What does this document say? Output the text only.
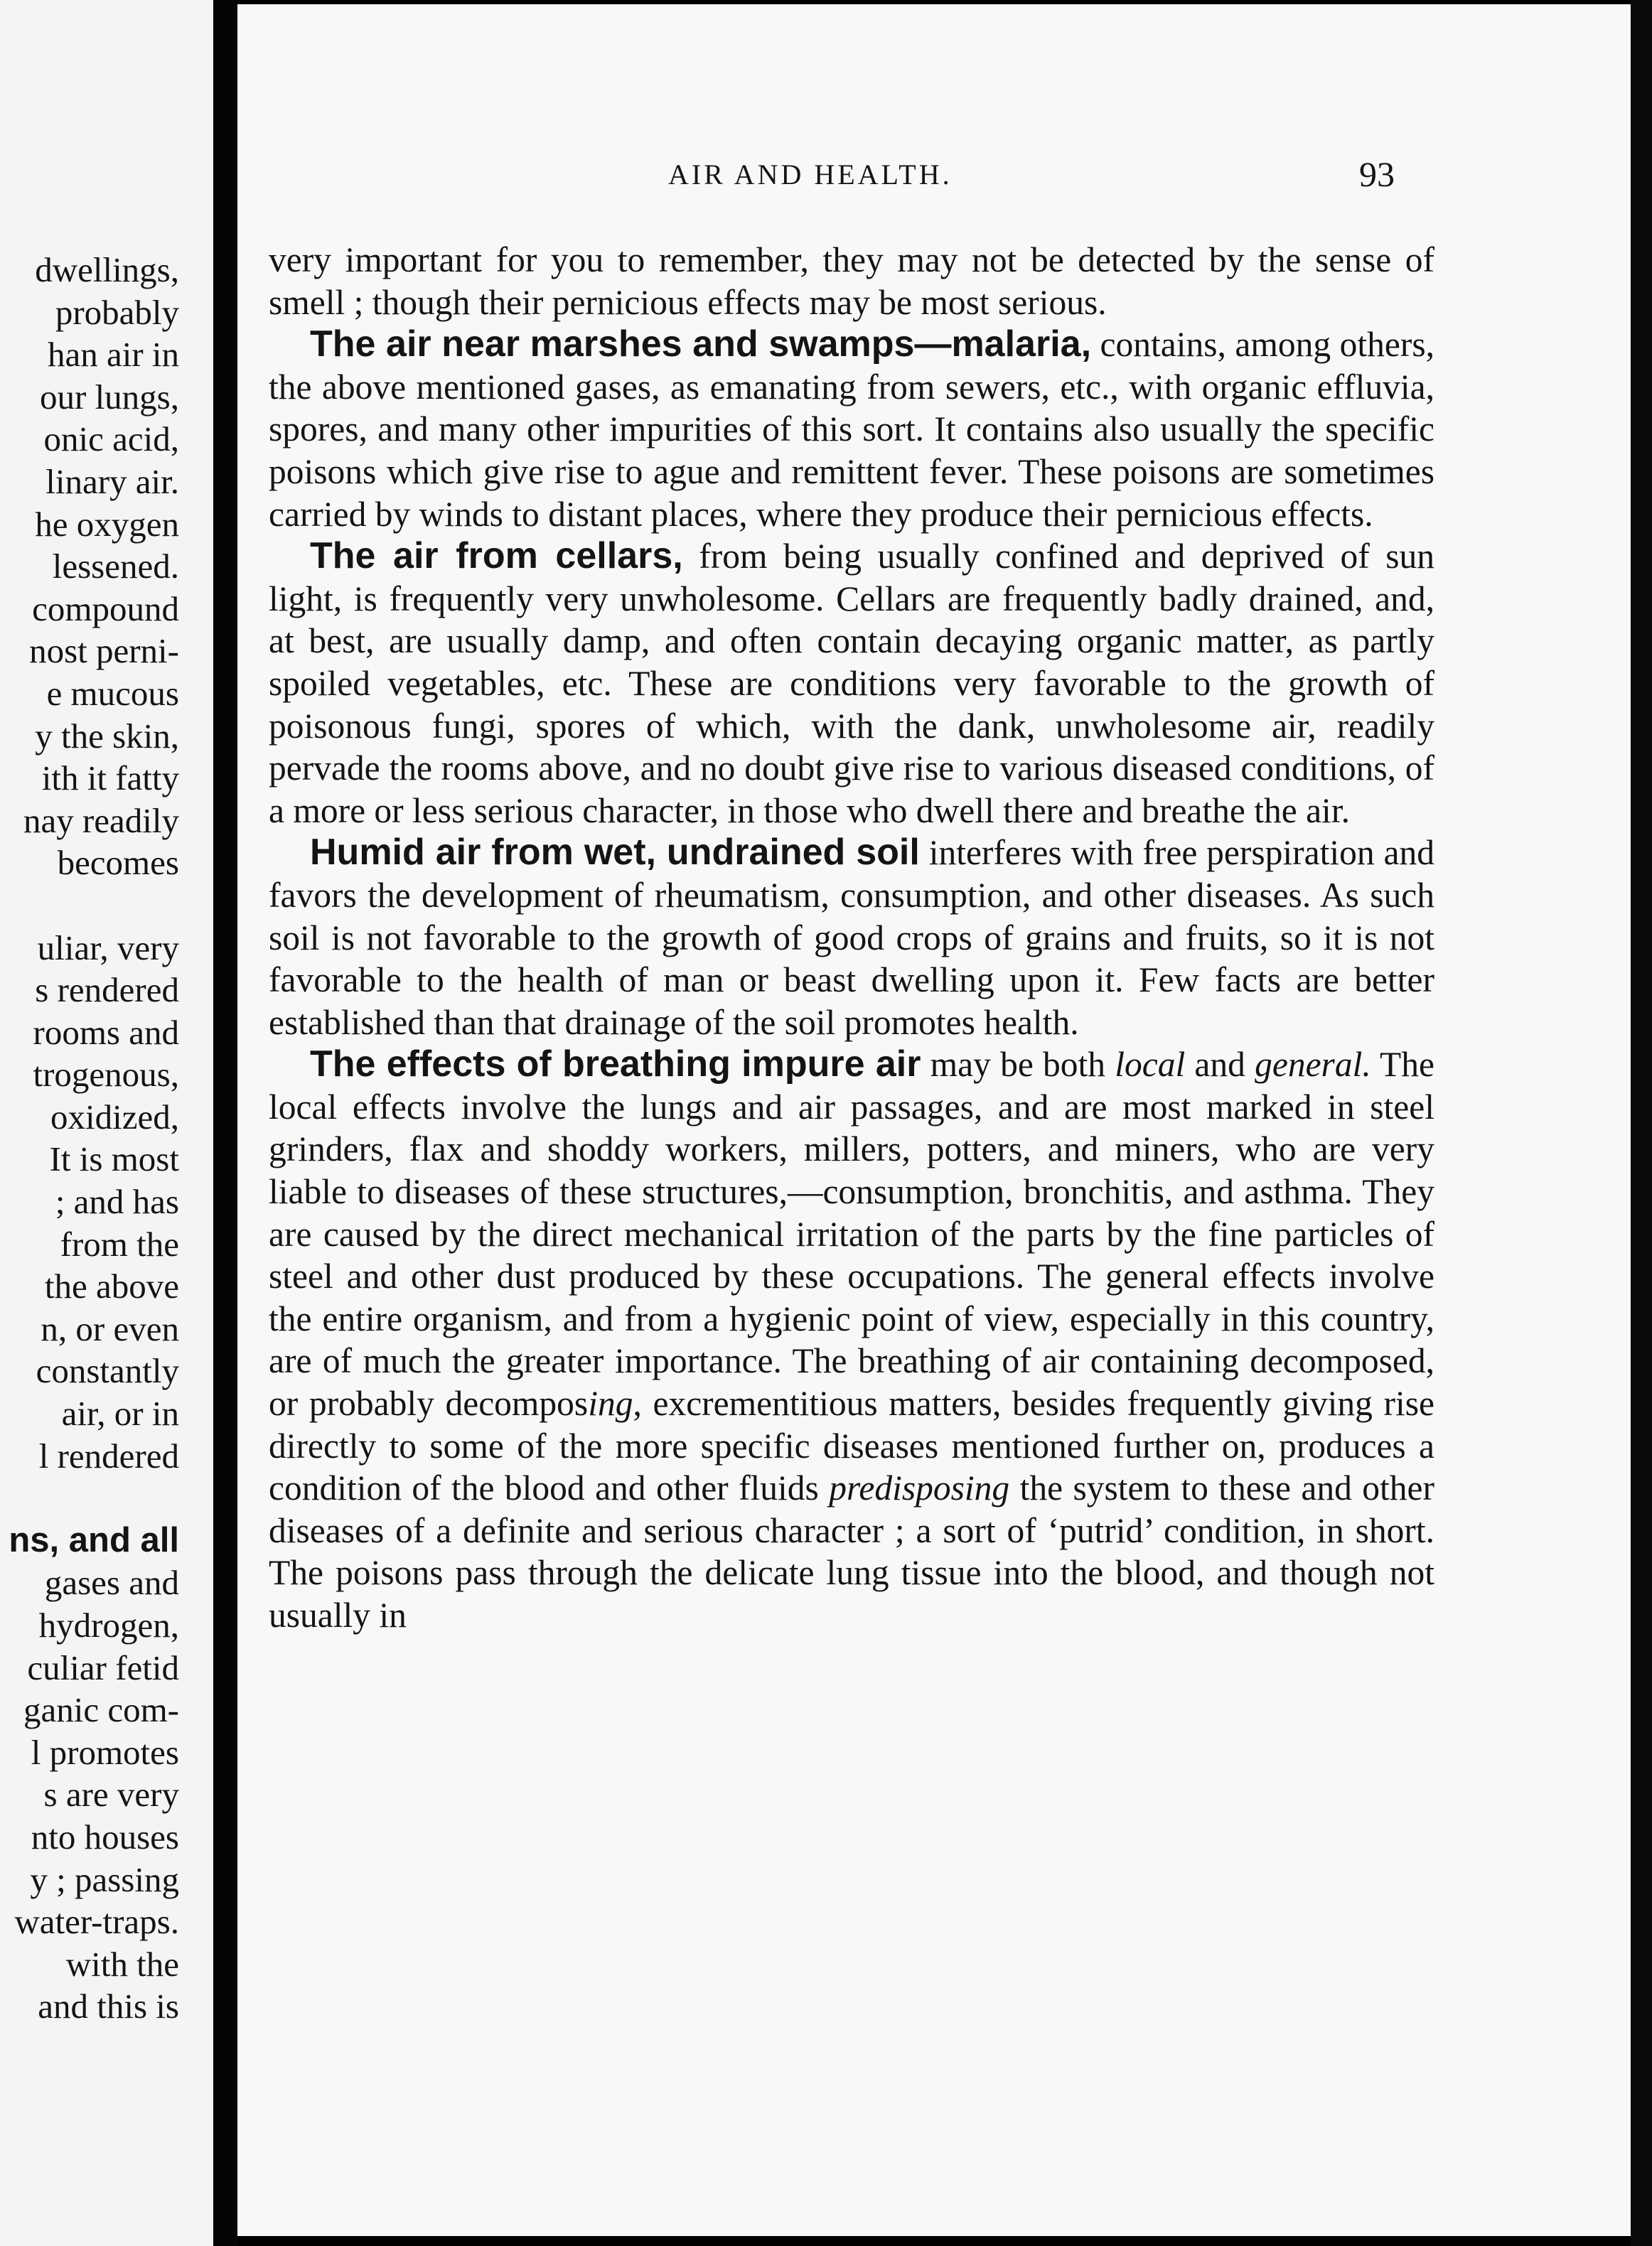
dwellings,
probably
han air in
our lungs,
onic acid,
linary air.
he oxygen
lessened.
compound
nost perni-
e mucous
y the skin,
ith it fatty
nay readily
becomes
uliar, very
s rendered
rooms and
trogenous,
oxidized,
It is most
; and has
from the
the above
n, or even
constantly
air, or in
l rendered
ns, and all
gases and
hydrogen,
culiar fetid
ganic com-
l promotes
s are very
nto houses
y ; passing
water-traps.
with the
and this is
AIR AND HEALTH.	93

very important for you to remember, they may not be detected by the sense of smell ; though their pernicious effects may be most serious.

The air near marshes and swamps—malaria, contains, among others, the above mentioned gases, as emanating from sewers, etc., with organic effluvia, spores, and many other impurities of this sort. It contains also usually the specific poisons which give rise to ague and remittent fever. These poisons are sometimes carried by winds to distant places, where they produce their pernicious effects.

The air from cellars, from being usually confined and deprived of sun light, is frequently very unwholesome. Cellars are frequently badly drained, and, at best, are usually damp, and often contain decaying organic matter, as partly spoiled vegetables, etc. These are conditions very favorable to the growth of poisonous fungi, spores of which, with the dank, unwholesome air, readily pervade the rooms above, and no doubt give rise to various diseased conditions, of a more or less serious character, in those who dwell there and breathe the air.

Humid air from wet, undrained soil interferes with free perspiration and favors the development of rheumatism, consumption, and other diseases. As such soil is not favorable to the growth of good crops of grains and fruits, so it is not favorable to the health of man or beast dwelling upon it. Few facts are better established than that drainage of the soil promotes health.

The effects of breathing impure air may be both local and general. The local effects involve the lungs and air passages, and are most marked in steel grinders, flax and shoddy workers, millers, potters, and miners, who are very liable to diseases of these structures,—consumption, bronchitis, and asthma. They are caused by the direct mechanical irritation of the parts by the fine particles of steel and other dust produced by these occupations. The general effects involve the entire organism, and from a hygienic point of view, especially in this country, are of much the greater importance. The breathing of air containing decomposed, or probably decomposing, excrementitious matters, besides frequently giving rise directly to some of the more specific diseases mentioned further on, produces a condition of the blood and other fluids predisposing the system to these and other diseases of a definite and serious character ; a sort of ‘putrid’ condition, in short. The poisons pass through the delicate lung tissue into the blood, and though not usually in
